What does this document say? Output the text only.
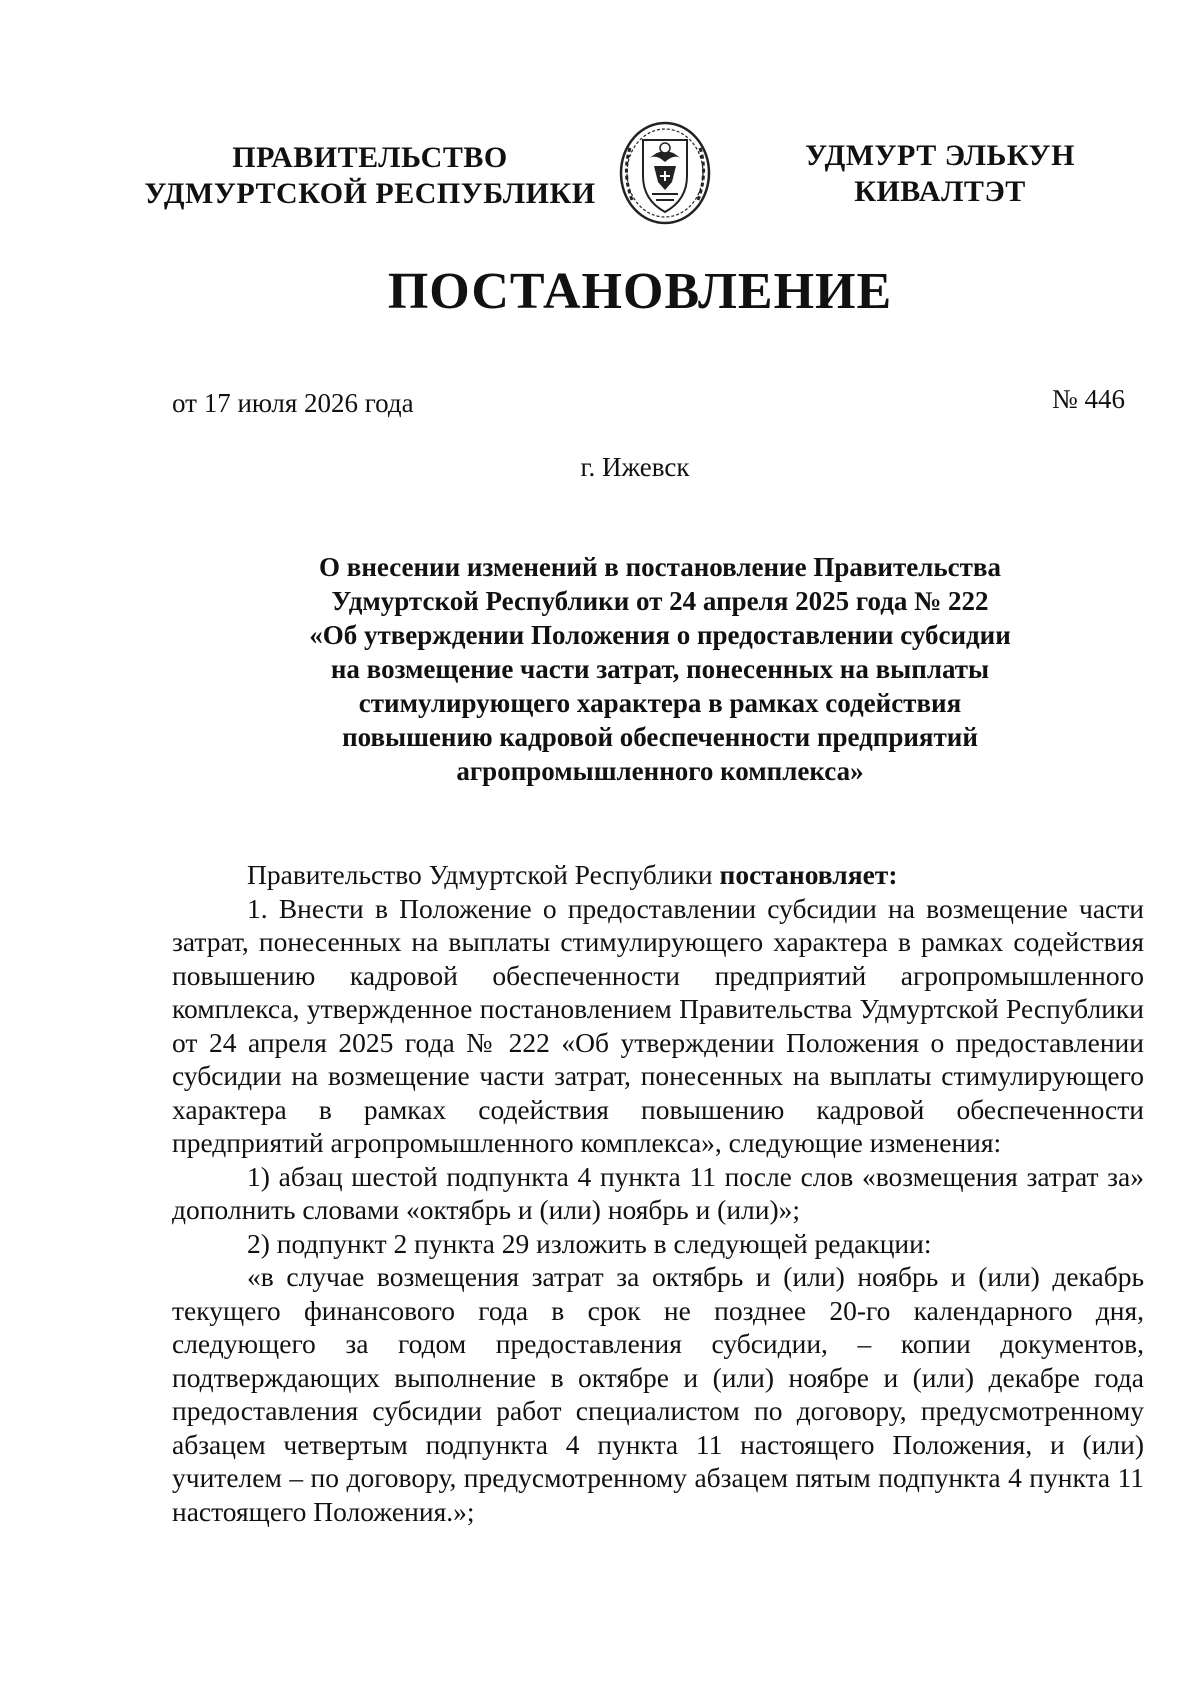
ПРАВИТЕЛЬСТВО
УДМУРТСКОЙ РЕСПУБЛИКИ
УДМУРТ ЭЛЬКУН
КИВАЛТЭТ
ПОСТАНОВЛЕНИЕ
от 17 июля 2026 года	№ 446
г. Ижевск
О внесении изменений в постановление Правительства
Удмуртской Республики от 24 апреля 2025 года № 222
«Об утверждении Положения о предоставлении субсидии
на возмещение части затрат, понесенных на выплаты
стимулирующего характера в рамках содействия
повышению кадровой обеспеченности предприятий
агропромышленного комплекса»

Правительство Удмуртской Республики постановляет:

1. Внести в Положение о предоставлении субсидии на возмещение части затрат, понесенных на выплаты стимулирующего характера в рамках содействия повышению кадровой обеспеченности предприятий агропромышленного комплекса, утвержденное постановлением Правительства Удмуртской Республики от 24 апреля 2025 года № 222 «Об утверждении Положения о предоставлении субсидии на возмещение части затрат, понесенных на выплаты стимулирующего характера в рамках содействия повышению кадровой обеспеченности предприятий агропромышленного комплекса», следующие изменения:

1) абзац шестой подпункта 4 пункта 11 после слов «возмещения затрат за» дополнить словами «октябрь и (или) ноябрь и (или)»;

2) подпункт 2 пункта 29 изложить в следующей редакции:

«в случае возмещения затрат за октябрь и (или) ноябрь и (или) декабрь текущего финансового года в срок не позднее 20-го календарного дня, следующего за годом предоставления субсидии, – копии документов, подтверждающих выполнение в октябре и (или) ноябре и (или) декабре года предоставления субсидии работ специалистом по договору, предусмотренному абзацем четвертым подпункта 4 пункта 11 настоящего Положения, и (или) учителем – по договору, предусмотренному абзацем пятым подпункта 4 пункта 11 настоящего Положения.»;
